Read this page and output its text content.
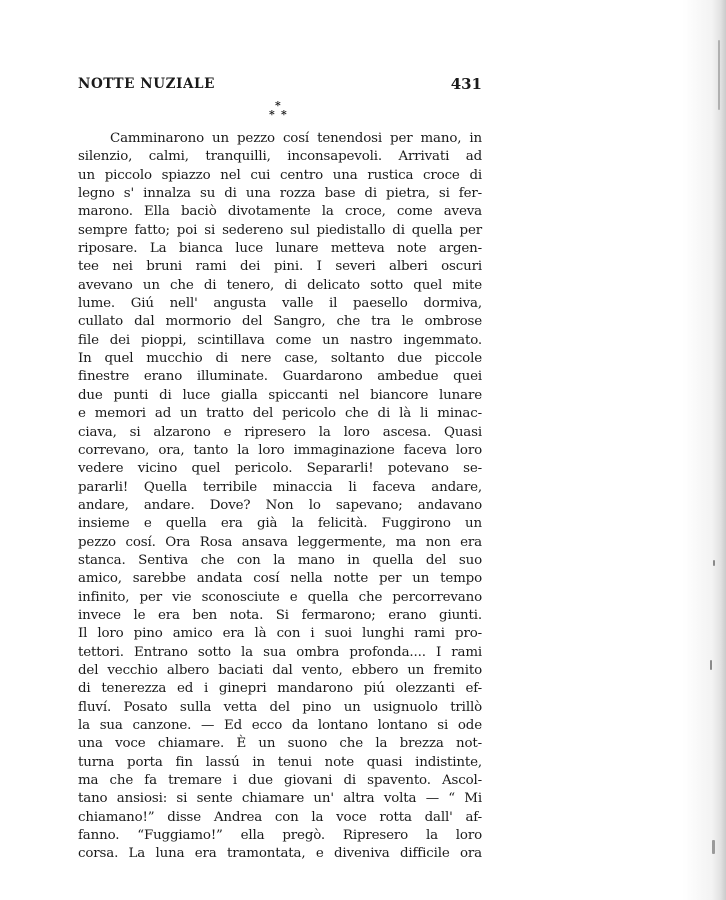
NOTTE NUZIALE	431
*
* *
Camminarono un pezzo cosí tenendosi per mano, in
silenzio, calmi, tranquilli, inconsapevoli. Arrivati ad
un piccolo spiazzo nel cui centro una rustica croce di
legno s' innalza su di una rozza base di pietra, si fer-
marono. Ella baciò divotamente la croce, come aveva
sempre fatto; poi si sedereno sul piedistallo di quella per
riposare. La bianca luce lunare metteva note argen-
tee nei bruni rami dei pini. I severi alberi oscuri
avevano un che di tenero, di delicato sotto quel mite
lume. Giú nell' angusta valle il paesello dormiva,
cullato dal mormorio del Sangro, che tra le ombrose
file dei pioppi, scintillava come un nastro ingemmato.
In quel mucchio di nere case, soltanto due piccole
finestre erano illuminate. Guardarono ambedue quei
due punti di luce gialla spiccanti nel biancore lunare
e memori ad un tratto del pericolo che di là li minac-
ciava, si alzarono e ripresero la loro ascesa. Quasi
correvano, ora, tanto la loro immaginazione faceva loro
vedere vicino quel pericolo. Separarli! potevano se-
pararli! Quella terribile minaccia li faceva andare,
andare, andare. Dove? Non lo sapevano; andavano
insieme e quella era già la felicità. Fuggirono un
pezzo cosí. Ora Rosa ansava leggermente, ma non era
stanca. Sentiva che con la mano in quella del suo
amico, sarebbe andata cosí nella notte per un tempo
infinito, per vie sconosciute e quella che percorrevano
invece le era ben nota. Si fermarono; erano giunti.
Il loro pino amico era là con i suoi lunghi rami pro-
tettori. Entrano sotto la sua ombra profonda.... I rami
del vecchio albero baciati dal vento, ebbero un fremito
di tenerezza ed i ginepri mandarono piú olezzanti ef-
fluví. Posato sulla vetta del pino un usignuolo trillò
la sua canzone. — Ed ecco da lontano lontano si ode
una voce chiamare. È un suono che la brezza not-
turna porta fin lassú in tenui note quasi indistinte,
ma che fa tremare i due giovani di spavento. Ascol-
tano ansiosi: si sente chiamare un' altra volta — “ Mi
chiamano!” disse Andrea con la voce rotta dall' af-
fanno. “Fuggiamo!” ella pregò. Ripresero la loro
corsa. La luna era tramontata, e diveniva difficile ora
